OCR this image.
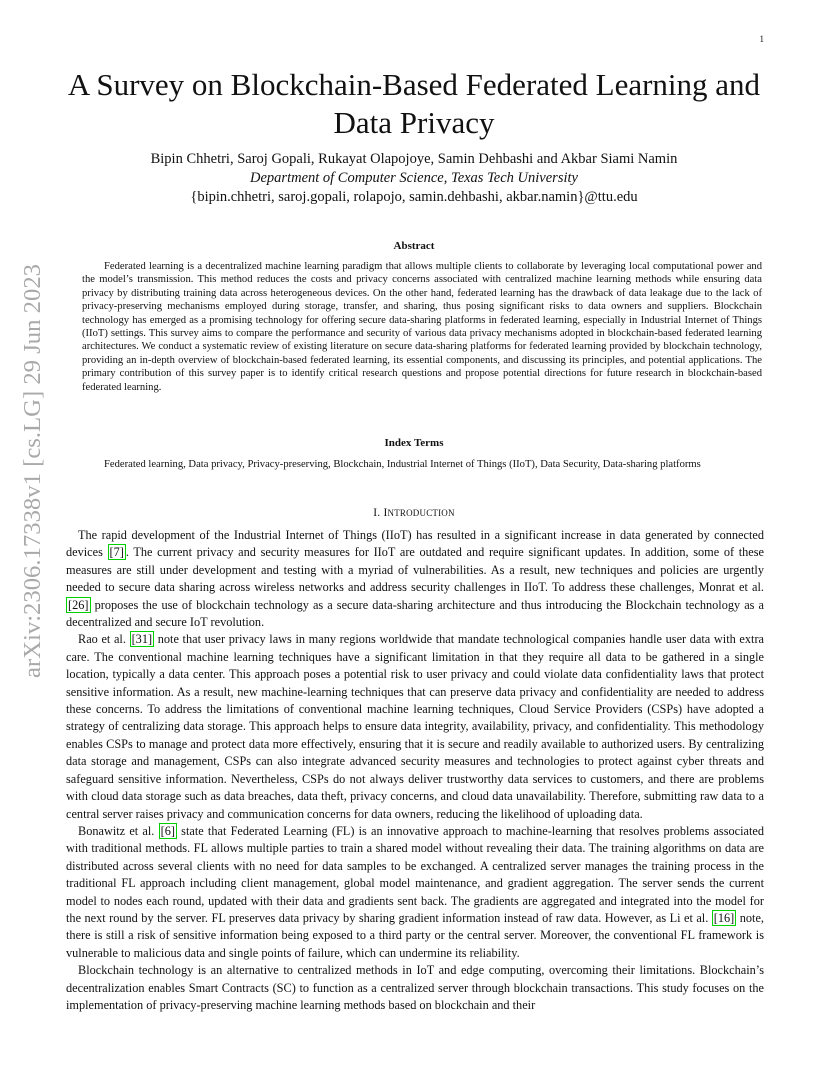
1
arXiv:2306.17338v1 [cs.LG] 29 Jun 2023
A Survey on Blockchain-Based Federated Learning and Data Privacy
Bipin Chhetri, Saroj Gopali, Rukayat Olapojoye, Samin Dehbashi and Akbar Siami Namin
Department of Computer Science, Texas Tech University
{bipin.chhetri, saroj.gopali, rolapojo, samin.dehbashi, akbar.namin}@ttu.edu
Abstract

Federated learning is a decentralized machine learning paradigm that allows multiple clients to collaborate by leveraging local computational power and the model’s transmission. This method reduces the costs and privacy concerns associated with centralized machine learning methods while ensuring data privacy by distributing training data across heterogeneous devices. On the other hand, federated learning has the drawback of data leakage due to the lack of privacy-preserving mechanisms employed during storage, transfer, and sharing, thus posing significant risks to data owners and suppliers. Blockchain technology has emerged as a promising technology for offering secure data-sharing platforms in federated learning, especially in Industrial Internet of Things (IIoT) settings. This survey aims to compare the performance and security of various data privacy mechanisms adopted in blockchain-based federated learning architectures. We conduct a systematic review of existing literature on secure data-sharing platforms for federated learning provided by blockchain technology, providing an in-depth overview of blockchain-based federated learning, its essential components, and discussing its principles, and potential applications. The primary contribution of this survey paper is to identify critical research questions and propose potential directions for future research in blockchain-based federated learning.

Index Terms

Federated learning, Data privacy, Privacy-preserving, Blockchain, Industrial Internet of Things (IIoT), Data Security, Data-sharing platforms

I. INTRODUCTION

The rapid development of the Industrial Internet of Things (IIoT) has resulted in a significant increase in data generated by connected devices [7] . The current privacy and security measures for IIoT are outdated and require significant updates. In addition, some of these measures are still under development and testing with a myriad of vulnerabilities. As a result, new techniques and policies are urgently needed to secure data sharing across wireless networks and address security challenges in IIoT. To address these challenges, Monrat et al. [26] proposes the use of blockchain technology as a secure data-sharing architecture and thus introducing the Blockchain technology as a decentralized and secure IoT revolution.

Rao et al. [31] note that user privacy laws in many regions worldwide that mandate technological companies handle user data with extra care. The conventional machine learning techniques have a significant limitation in that they require all data to be gathered in a single location, typically a data center. This approach poses a potential risk to user privacy and could violate data confidentiality laws that protect sensitive information. As a result, new machine-learning techniques that can preserve data privacy and confidentiality are needed to address these concerns. To address the limitations of conventional machine learning techniques, Cloud Service Providers (CSPs) have adopted a strategy of centralizing data storage. This approach helps to ensure data integrity, availability, privacy, and confidentiality. This methodology enables CSPs to manage and protect data more effectively, ensuring that it is secure and readily available to authorized users. By centralizing data storage and management, CSPs can also integrate advanced security measures and technologies to protect against cyber threats and safeguard sensitive information. Nevertheless, CSPs do not always deliver trustworthy data services to customers, and there are problems with cloud data storage such as data breaches, data theft, privacy concerns, and cloud data unavailability. Therefore, submitting raw data to a central server raises privacy and communication concerns for data owners, reducing the likelihood of uploading data.

Bonawitz et al. [6] state that Federated Learning (FL) is an innovative approach to machine-learning that resolves problems associated with traditional methods. FL allows multiple parties to train a shared model without revealing their data. The training algorithms on data are distributed across several clients with no need for data samples to be exchanged. A centralized server manages the training process in the traditional FL approach including client management, global model maintenance, and gradient aggregation. The server sends the current model to nodes each round, updated with their data and gradients sent back. The gradients are aggregated and integrated into the model for the next round by the server. FL preserves data privacy by sharing gradient information instead of raw data. However, as Li et al. [16] note, there is still a risk of sensitive information being exposed to a third party or the central server. Moreover, the conventional FL framework is vulnerable to malicious data and single points of failure, which can undermine its reliability.

Blockchain technology is an alternative to centralized methods in IoT and edge computing, overcoming their limitations. Blockchain’s decentralization enables Smart Contracts (SC) to function as a centralized server through blockchain transactions. This study focuses on the implementation of privacy-preserving machine learning methods based on blockchain and their
